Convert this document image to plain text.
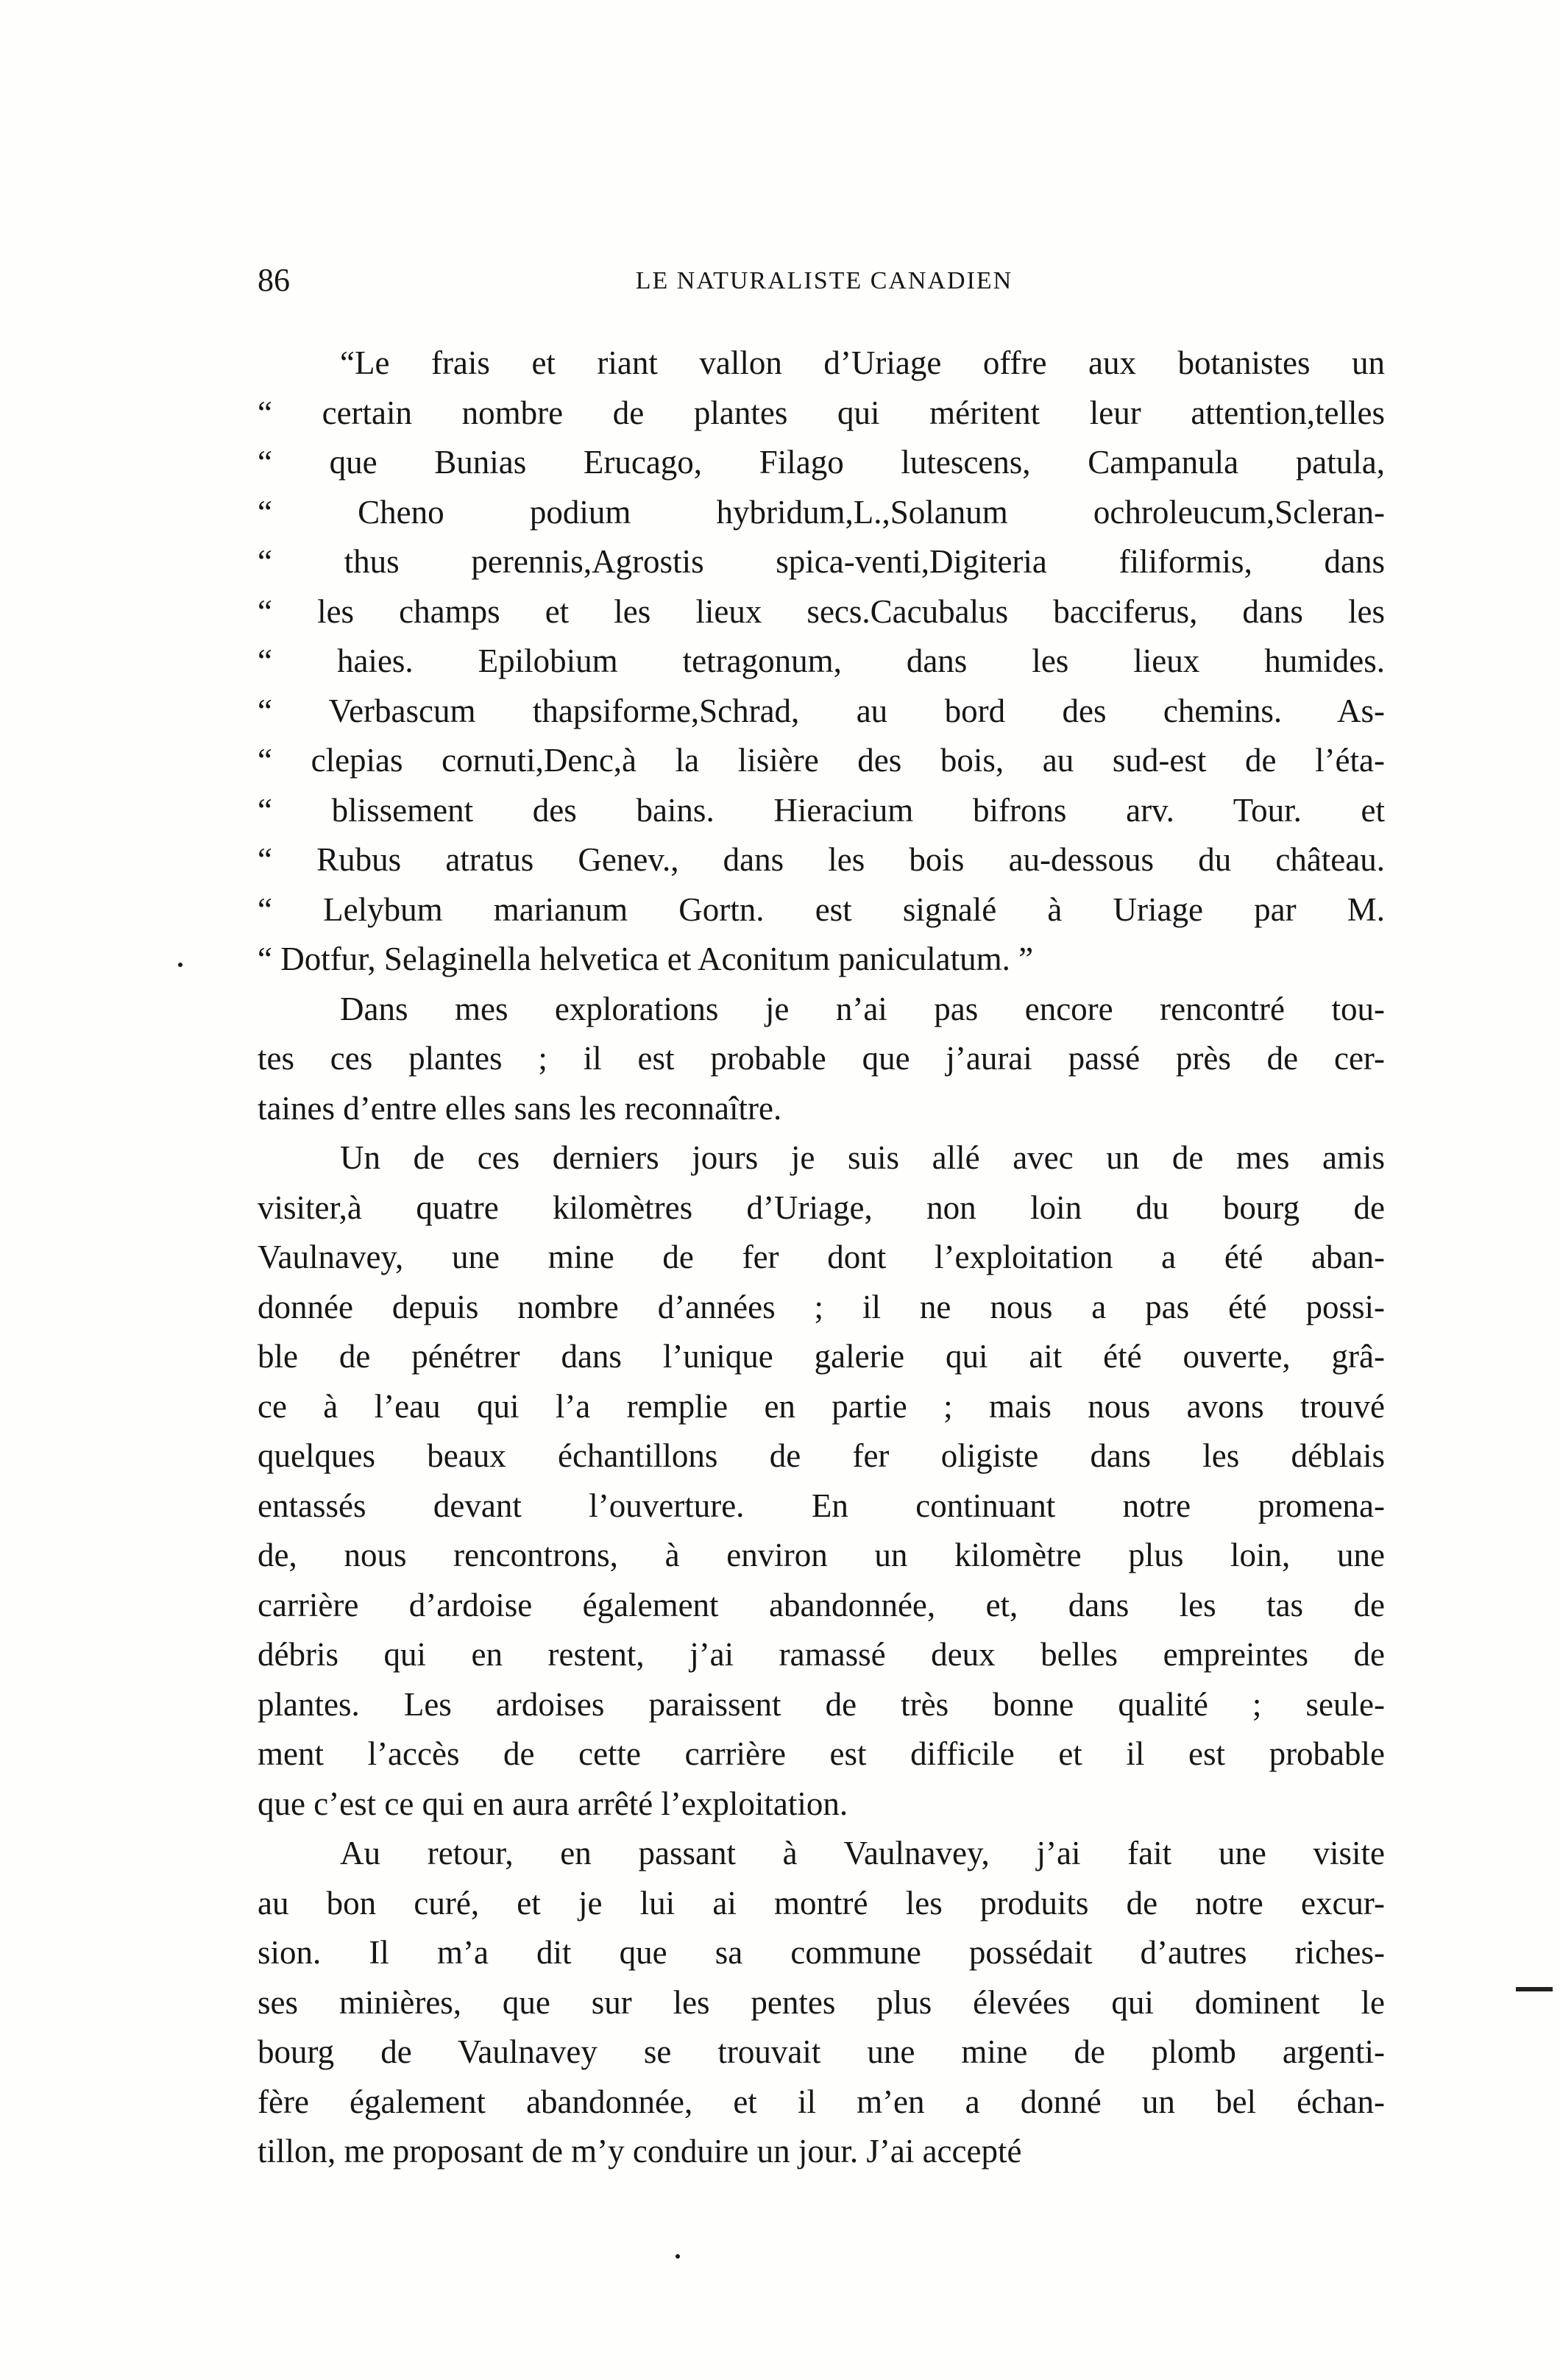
86	LE NATURALISTE CANADIEN

“Le frais et riant vallon d’Uriage offre aux botanistes un
“ certain nombre de plantes qui méritent leur attention,telles
“ que Bunias Erucago, Filago lutescens, Campanula patula,
“ Cheno podium hybridum,L.,Solanum ochroleucum,Scleran-
“ thus perennis,Agrostis spica-venti,Digiteria filiformis, dans
“ les champs et les lieux secs.Cacubalus bacciferus, dans les
“ haies. Epilobium tetragonum, dans les lieux humides.
“ Verbascum thapsiforme,Schrad, au bord des chemins. As-
“ clepias cornuti,Denc,à la lisière des bois, au sud-est de l’éta-
“ blissement des bains. Hieracium bifrons arv. Tour. et
“ Rubus atratus Genev., dans les bois au-dessous du château.
“ Lelybum marianum Gortn. est signalé à Uriage par M.
“ Dotfur, Selaginella helvetica et Aconitum paniculatum. ”

Dans mes explorations je n’ai pas encore rencontré tou-
tes ces plantes ; il est probable que j’aurai passé près de cer-
taines d’entre elles sans les reconnaître.

Un de ces derniers jours je suis allé avec un de mes amis
visiter,à quatre kilomètres d’Uriage, non loin du bourg de
Vaulnavey, une mine de fer dont l’exploitation a été aban-
donnée depuis nombre d’années ; il ne nous a pas été possi-
ble de pénétrer dans l’unique galerie qui ait été ouverte, grâ-
ce à l’eau qui l’a remplie en partie ; mais nous avons trouvé
quelques beaux échantillons de fer oligiste dans les déblais
entassés devant l’ouverture. En continuant notre promena-
de, nous rencontrons, à environ un kilomètre plus loin, une
carrière d’ardoise également abandonnée, et, dans les tas de
débris qui en restent, j’ai ramassé deux belles empreintes de
plantes. Les ardoises paraissent de très bonne qualité ; seule-
ment l’accès de cette carrière est difficile et il est probable
que c’est ce qui en aura arrêté l’exploitation.

Au retour, en passant à Vaulnavey, j’ai fait une visite
au bon curé, et je lui ai montré les produits de notre excur-
sion. Il m’a dit que sa commune possédait d’autres riches-
ses minières, que sur les pentes plus élevées qui dominent le
bourg de Vaulnavey se trouvait une mine de plomb argenti-
fère également abandonnée, et il m’en a donné un bel échan-
tillon, me proposant de m’y conduire un jour. J’ai accepté
